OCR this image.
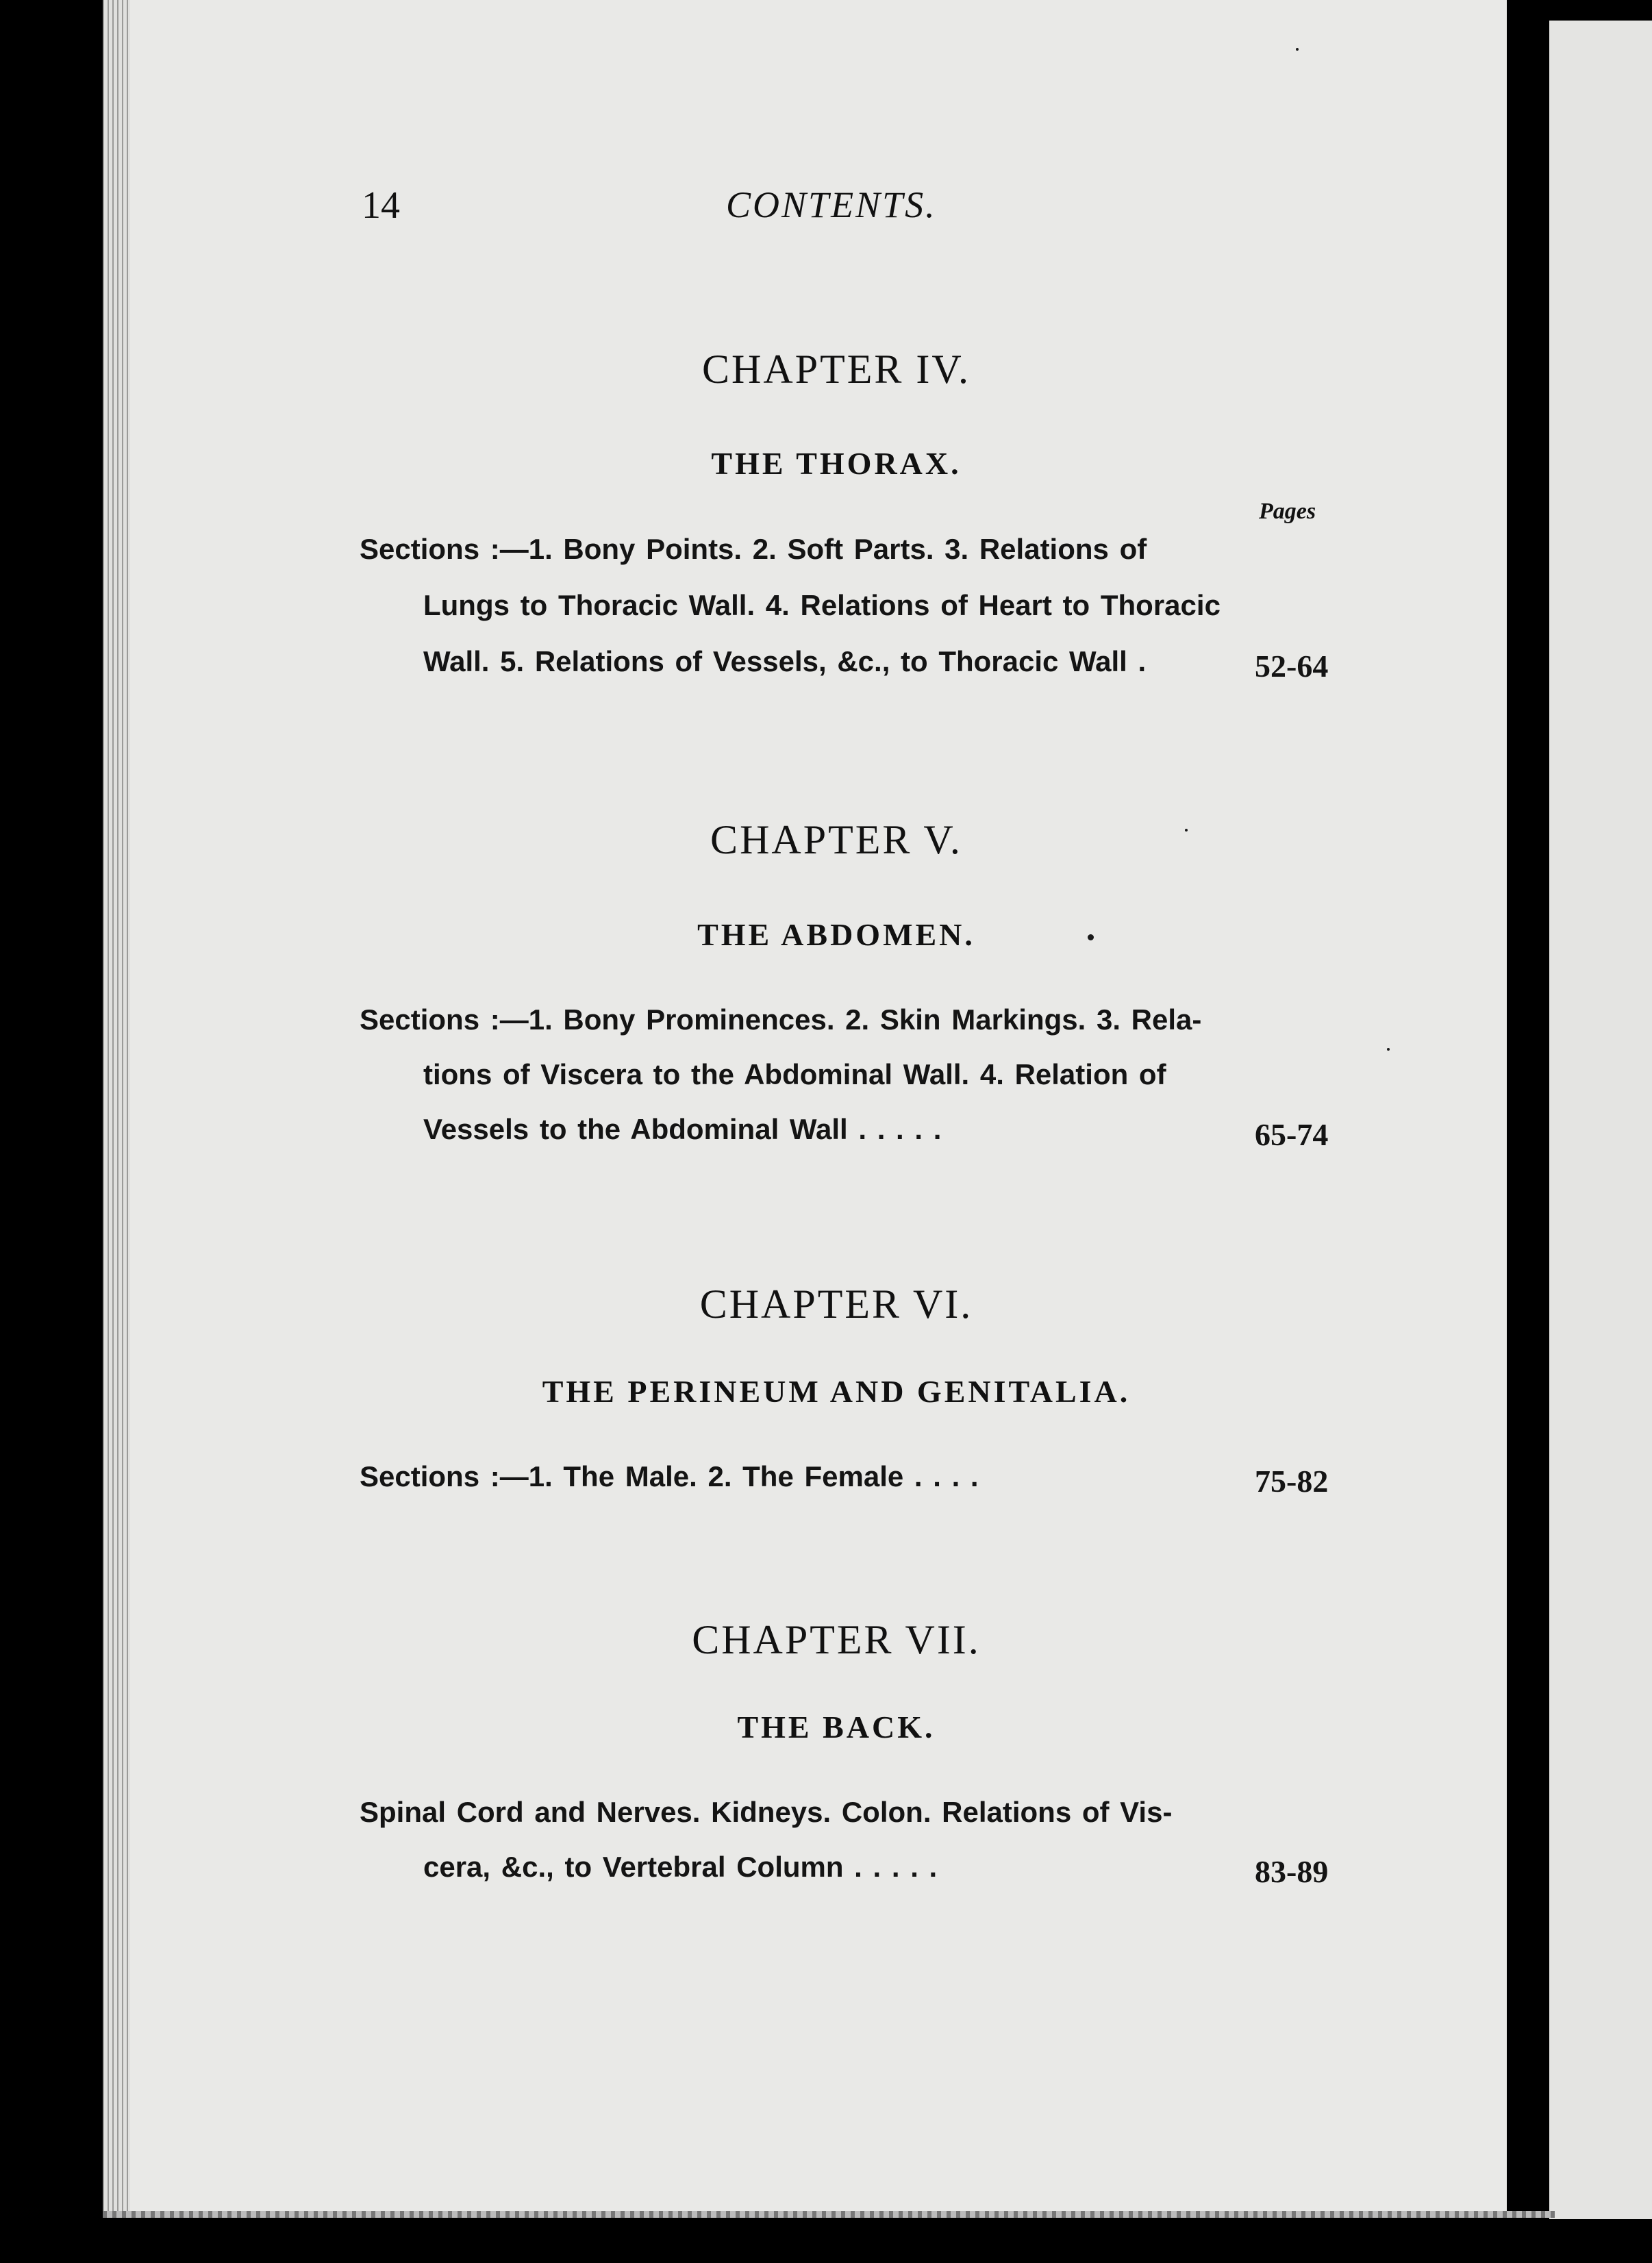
14	CONTENTS.
CHAPTER IV.
THE THORAX.
Pages
Sections :—1. Bony Points. 2. Soft Parts. 3. Relations of
Lungs to Thoracic Wall. 4. Relations of Heart to Thoracic
Wall. 5. Relations of Vessels, &c., to Thoracic Wall .	52-64
CHAPTER V.
THE ABDOMEN.
Sections :—1. Bony Prominences. 2. Skin Markings. 3. Rela-
tions of Viscera to the Abdominal Wall. 4. Relation of
Vessels to the Abdominal Wall . . . . .	65-74
CHAPTER VI.
THE PERINEUM AND GENITALIA.
Sections :—1. The Male. 2. The Female . . . .	75-82
CHAPTER VII.
THE BACK.
Spinal Cord and Nerves. Kidneys. Colon. Relations of Vis-
cera, &c., to Vertebral Column . . . . .	83-89
